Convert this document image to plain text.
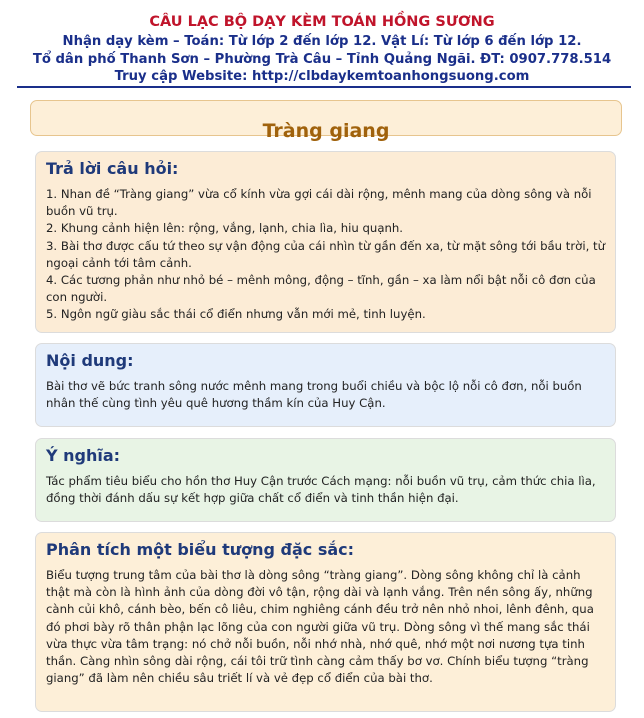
CÂU LẠC BỘ DẠY KÈM TOÁN HỒNG SƯƠNG
Nhận dạy kèm – Toán: Từ lớp 2 đến lớp 12. Vật Lí: Từ lớp 6 đến lớp 12.
Tổ dân phố Thanh Sơn – Phường Trà Câu – Tỉnh Quảng Ngãi. ĐT: 0907.778.514
Truy cập Website: http://clbdaykemtoanhongsuong.com
Tràng giang
Trả lời câu hỏi:
1. Nhan đề “Tràng giang” vừa cổ kính vừa gợi cái dài rộng, mênh mang của dòng sông và nỗi buồn vũ trụ.
2. Khung cảnh hiện lên: rộng, vắng, lạnh, chia lìa, hiu quạnh.
3. Bài thơ được cấu tứ theo sự vận động của cái nhìn từ gần đến xa, từ mặt sông tới bầu trời, từ ngoại cảnh tới tâm cảnh.
4. Các tương phản như nhỏ bé – mênh mông, động – tĩnh, gần – xa làm nổi bật nỗi cô đơn của con người.
5. Ngôn ngữ giàu sắc thái cổ điển nhưng vẫn mới mẻ, tinh luyện.
Nội dung:

Bài thơ vẽ bức tranh sông nước mênh mang trong buổi chiều và bộc lộ nỗi cô đơn, nỗi buồn nhân thế cùng tình yêu quê hương thầm kín của Huy Cận.

Ý nghĩa:

Tác phẩm tiêu biểu cho hồn thơ Huy Cận trước Cách mạng: nỗi buồn vũ trụ, cảm thức chia lìa, đồng thời đánh dấu sự kết hợp giữa chất cổ điển và tinh thần hiện đại.

Phân tích một biểu tượng đặc sắc:

Biểu tượng trung tâm của bài thơ là dòng sông “tràng giang”. Dòng sông không chỉ là cảnh thật mà còn là hình ảnh của dòng đời vô tận, rộng dài và lạnh vắng. Trên nền sông ấy, những cành củi khô, cánh bèo, bến cô liêu, chim nghiêng cánh đều trở nên nhỏ nhoi, lênh đênh, qua đó phơi bày rõ thân phận lạc lõng của con người giữa vũ trụ. Dòng sông vì thế mang sắc thái vừa thực vừa tâm trạng: nó chở nỗi buồn, nỗi nhớ nhà, nhớ quê, nhớ một nơi nương tựa tinh thần. Càng nhìn sông dài rộng, cái tôi trữ tình càng cảm thấy bơ vơ. Chính biểu tượng “tràng giang” đã làm nên chiều sâu triết lí và vẻ đẹp cổ điển của bài thơ.
